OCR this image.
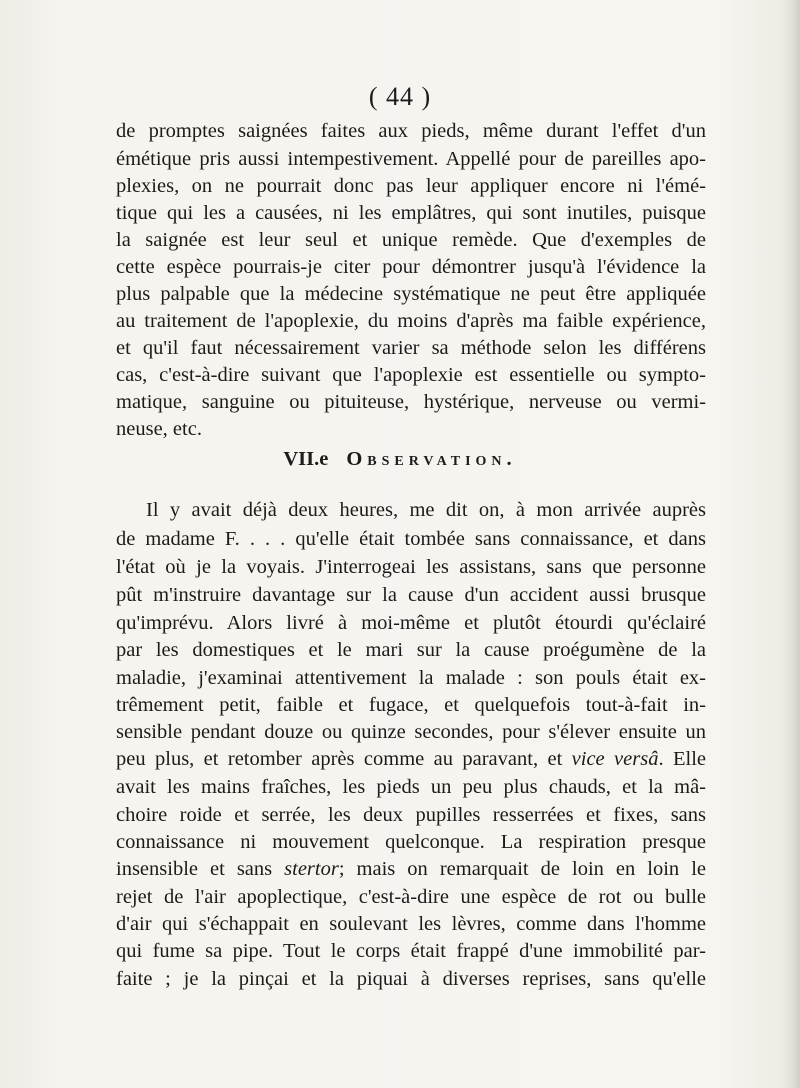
( 44 )
de promptes saignées faites aux pieds, même durant l'effet d'un
émétique pris aussi intempestivement. Appellé pour de pareilles apo-
plexies, on ne pourrait donc pas leur appliquer encore ni l'émé-
tique qui les a causées, ni les emplâtres, qui sont inutiles, puisque
la saignée est leur seul et unique remède. Que d'exemples de
cette espèce pourrais-je citer pour démontrer jusqu'à l'évidence la
plus palpable que la médecine systématique ne peut être appliquée
au traitement de l'apoplexie, du moins d'après ma faible expérience,
et qu'il faut nécessairement varier sa méthode selon les différens
cas, c'est-à-dire suivant que l'apoplexie est essentielle ou sympto-
matique, sanguine ou pituiteuse, hystérique, nerveuse ou vermi-
neuse, etc.
VII.e Observation.
Il y avait déjà deux heures, me dit on, à mon arrivée auprès
de madame F. . . . qu'elle était tombée sans connaissance, et dans
l'état où je la voyais. J'interrogeai les assistans, sans que personne
pût m'instruire davantage sur la cause d'un accident aussi brusque
qu'imprévu. Alors livré à moi-même et plutôt étourdi qu'éclairé
par les domestiques et le mari sur la cause proégumène de la
maladie, j'examinai attentivement la malade : son pouls était ex-
trêmement petit, faible et fugace, et quelquefois tout-à-fait in-
sensible pendant douze ou quinze secondes, pour s'élever ensuite un
peu plus, et retomber après comme au paravant, et vice versâ. Elle
avait les mains fraîches, les pieds un peu plus chauds, et la mâ-
choire roide et serrée, les deux pupilles resserrées et fixes, sans
connaissance ni mouvement quelconque. La respiration presque
insensible et sans stertor; mais on remarquait de loin en loin le
rejet de l'air apoplectique, c'est-à-dire une espèce de rot ou bulle
d'air qui s'échappait en soulevant les lèvres, comme dans l'homme
qui fume sa pipe. Tout le corps était frappé d'une immobilité par-
faite ; je la pinçai et la piquai à diverses reprises, sans qu'elle
